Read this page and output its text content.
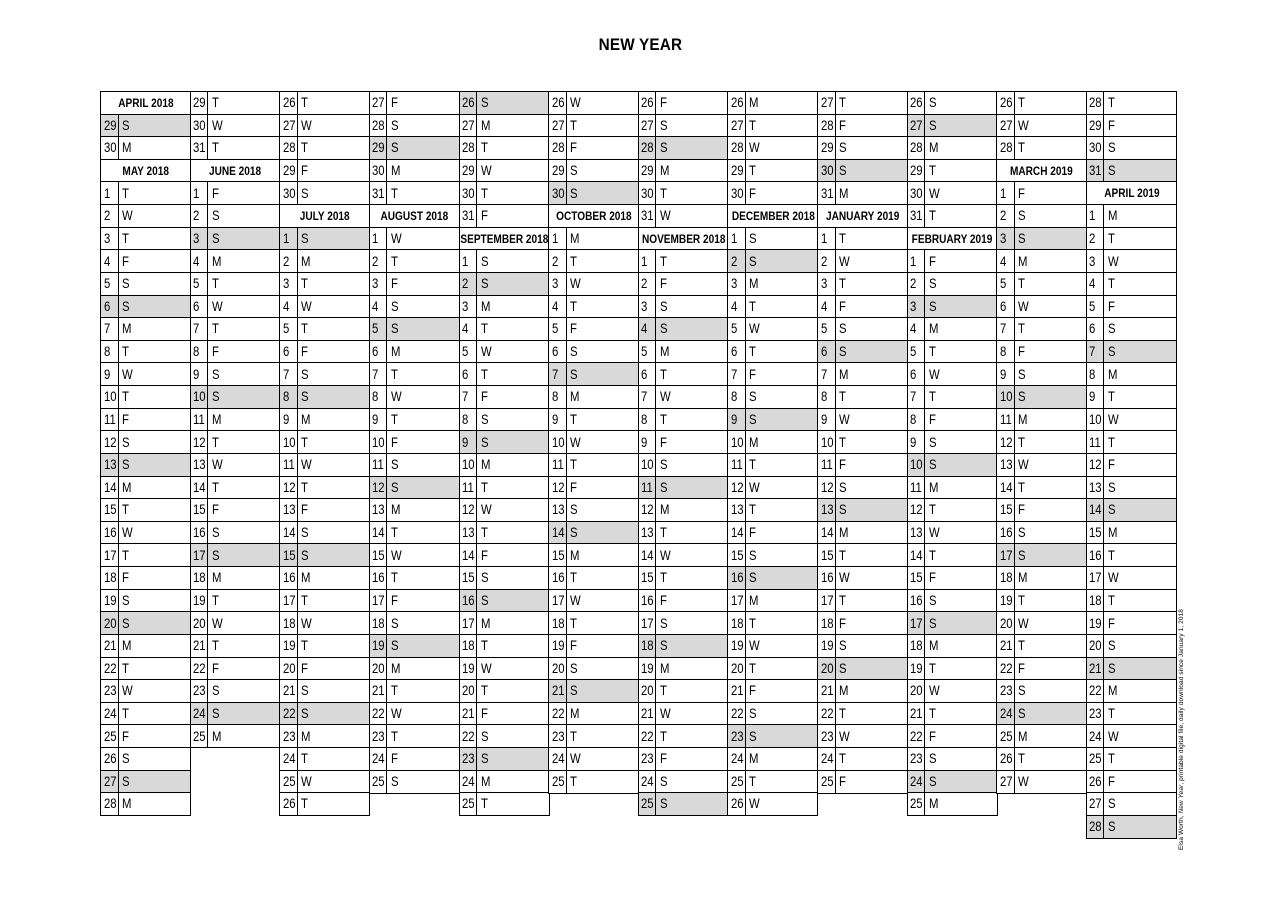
NEW YEAR
APRIL 2018
29 S
30 M
MAY 2018
1 T
2 W
3 T
4 F
5 S
6 S
7 M
8 T
9 W
10 T
11 F
12 S
13 S
14 M
15 T
16 W
17 T
18 F
19 S
20 S
21 M
22 T
23 W
24 T
25 F
26 S
27 S
28 M
29 T
30 W
31 T
JUNE 2018
1 F
2 S
3 S
4 M
5 T
6 W
7 T
8 F
9 S
10 S
11 M
12 T
13 W
14 T
15 F
16 S
17 S
18 M
19 T
20 W
21 T
22 F
23 S
24 S
25 M
26 T
27 W
28 T
29 F
30 S
JULY 2018
1 S
2 M
3 T
4 W
5 T
6 F
7 S
8 S
9 M
10 T
11 W
12 T
13 F
14 S
15 S
16 M
17 T
18 W
19 T
20 F
21 S
22 S
23 M
24 T
25 W
26 T
27 F
28 S
29 S
30 M
31 T
AUGUST 2018
1 W
2 T
3 F
4 S
5 S
6 M
7 T
8 W
9 T
10 F
11 S
12 S
13 M
14 T
15 W
16 T
17 F
18 S
19 S
20 M
21 T
22 W
23 T
24 F
25 S
26 S
27 M
28 T
29 W
30 T
31 F
SEPTEMBER 2018
1 S
2 S
3 M
4 T
5 W
6 T
7 F
8 S
9 S
10 M
11 T
12 W
13 T
14 F
15 S
16 S
17 M
18 T
19 W
20 T
21 F
22 S
23 S
24 M
25 T
26 W
27 T
28 F
29 S
30 S
OCTOBER 2018
1 M
2 T
3 W
4 T
5 F
6 S
7 S
8 M
9 T
10 W
11 T
12 F
13 S
14 S
15 M
16 T
17 W
18 T
19 F
20 S
21 S
22 M
23 T
24 W
25 T
26 F
27 S
28 S
29 M
30 T
31 W
NOVEMBER 2018
1 T
2 F
3 S
4 S
5 M
6 T
7 W
8 T
9 F
10 S
11 S
12 M
13 T
14 W
15 T
16 F
17 S
18 S
19 M
20 T
21 W
22 T
23 F
24 S
25 S
26 M
27 T
28 W
29 T
30 F
DECEMBER 2018
1 S
2 S
3 M
4 T
5 W
6 T
7 F
8 S
9 S
10 M
11 T
12 W
13 T
14 F
15 S
16 S
17 M
18 T
19 W
20 T
21 F
22 S
23 S
24 M
25 T
26 W
27 T
28 F
29 S
30 S
31 M
JANUARY 2019
1 T
2 W
3 T
4 F
5 S
6 S
7 M
8 T
9 W
10 T
11 F
12 S
13 S
14 M
15 T
16 W
17 T
18 F
19 S
20 S
21 M
22 T
23 W
24 T
25 F
26 S
27 S
28 M
29 T
30 W
31 T
FEBRUARY 2019
1 F
2 S
3 S
4 M
5 T
6 W
7 T
8 F
9 S
10 S
11 M
12 T
13 W
14 T
15 F
16 S
17 S
18 M
19 T
20 W
21 T
22 F
23 S
24 S
25 M
26 T
27 W
28 T
MARCH 2019
1 F
2 S
3 S
4 M
5 T
6 W
7 T
8 F
9 S
10 S
11 M
12 T
13 W
14 T
15 F
16 S
17 S
18 M
19 T
20 W
21 T
22 F
23 S
24 S
25 M
26 T
27 W
28 T
29 F
30 S
31 S
APRIL 2019
1 M
2 T
3 W
4 T
5 F
6 S
7 S
8 M
9 T
10 W
11 T
12 F
13 S
14 S
15 M
16 T
17 W
18 T
19 F
20 S
21 S
22 M
23 T
24 W
25 T
26 F
27 S
28 S	Elsa Worth, New Year, printable digital file, daily download since January 1, 2018
